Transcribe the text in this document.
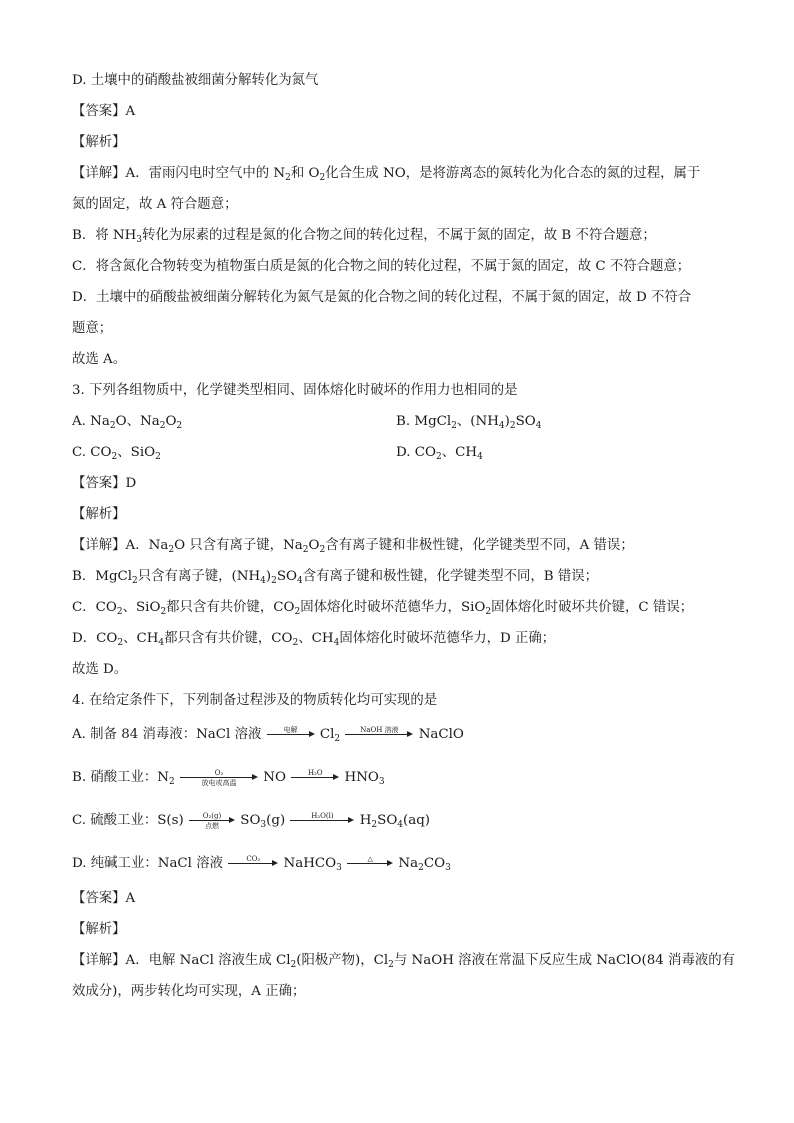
D. 土壤中的硝酸盐被细菌分解转化为氮气
【答案】A
【解析】
【详解】A．雷雨闪电时空气中的 $N_2$和 $O_2$化合生成 NO，是将游离态的氮转化为化合态的氮的过程，属于
氮的固定，故 A 符合题意；
B．将 $NH_3$转化为尿素的过程是氮的化合物之间的转化过程，不属于氮的固定，故 B 不符合题意；
C．将含氮化合物转变为植物蛋白质是氮的化合物之间的转化过程，不属于氮的固定，故 C 不符合题意；
D．土壤中的硝酸盐被细菌分解转化为氮气是氮的化合物之间的转化过程，不属于氮的固定，故 D 不符合
题意；
故选 A。
3. 下列各组物质中，化学键类型相同、固体熔化时破坏的作用力也相同的是
A. $Na_2O$、$Na_2O_2$	B. MgCl$_2$、$(NH_4)_2SO_4$
C. $CO_2$、SiO$_2$	D. $CO_2$、$CH_4$
【答案】D
【解析】
【详解】A．$Na_2O$ 只含有离子键，$Na_2O_2$含有离子键和非极性键，化学键类型不同，A 错误；
B．MgCl$_2$只含有离子键，$(NH_4)_2SO_4$含有离子键和极性键，化学键类型不同，B 错误；
C．$CO_2$、SiO$_2$都只含有共价键，$CO_2$固体熔化时破坏范德华力，SiO$_2$固体熔化时破坏共价键，C 错误；
D．$CO_2$、$CH_4$都只含有共价键，$CO_2$、$CH_4$固体熔化时破坏范德华力，D 正确；
故选 D。
4. 在给定条件下，下列制备过程涉及的物质转化均可实现的是
A. 制备 84 消毒液：NaCl 溶液	电解	$Cl_2$
NaOH 溶液	NaClO
B. 硝酸工业：$N_2$
O₂
放电或高温	NO	H₂O	$HNO_3$
C. 硫酸工业：S(s)	O₂(g)
点燃	$SO_3(g)$	H₂O(l)	$H_2SO_4(aq)$
D. 纯碱工业：NaCl 溶液	CO₂	NaHCO$_3$
△	$Na_2CO_3$
【答案】A
【解析】
【详解】A．电解 NaCl 溶液生成 $Cl_2$(阳极产物)，$Cl_2$与 NaOH 溶液在常温下反应生成 NaClO(84 消毒液的有
效成分)，两步转化均可实现，A 正确；
